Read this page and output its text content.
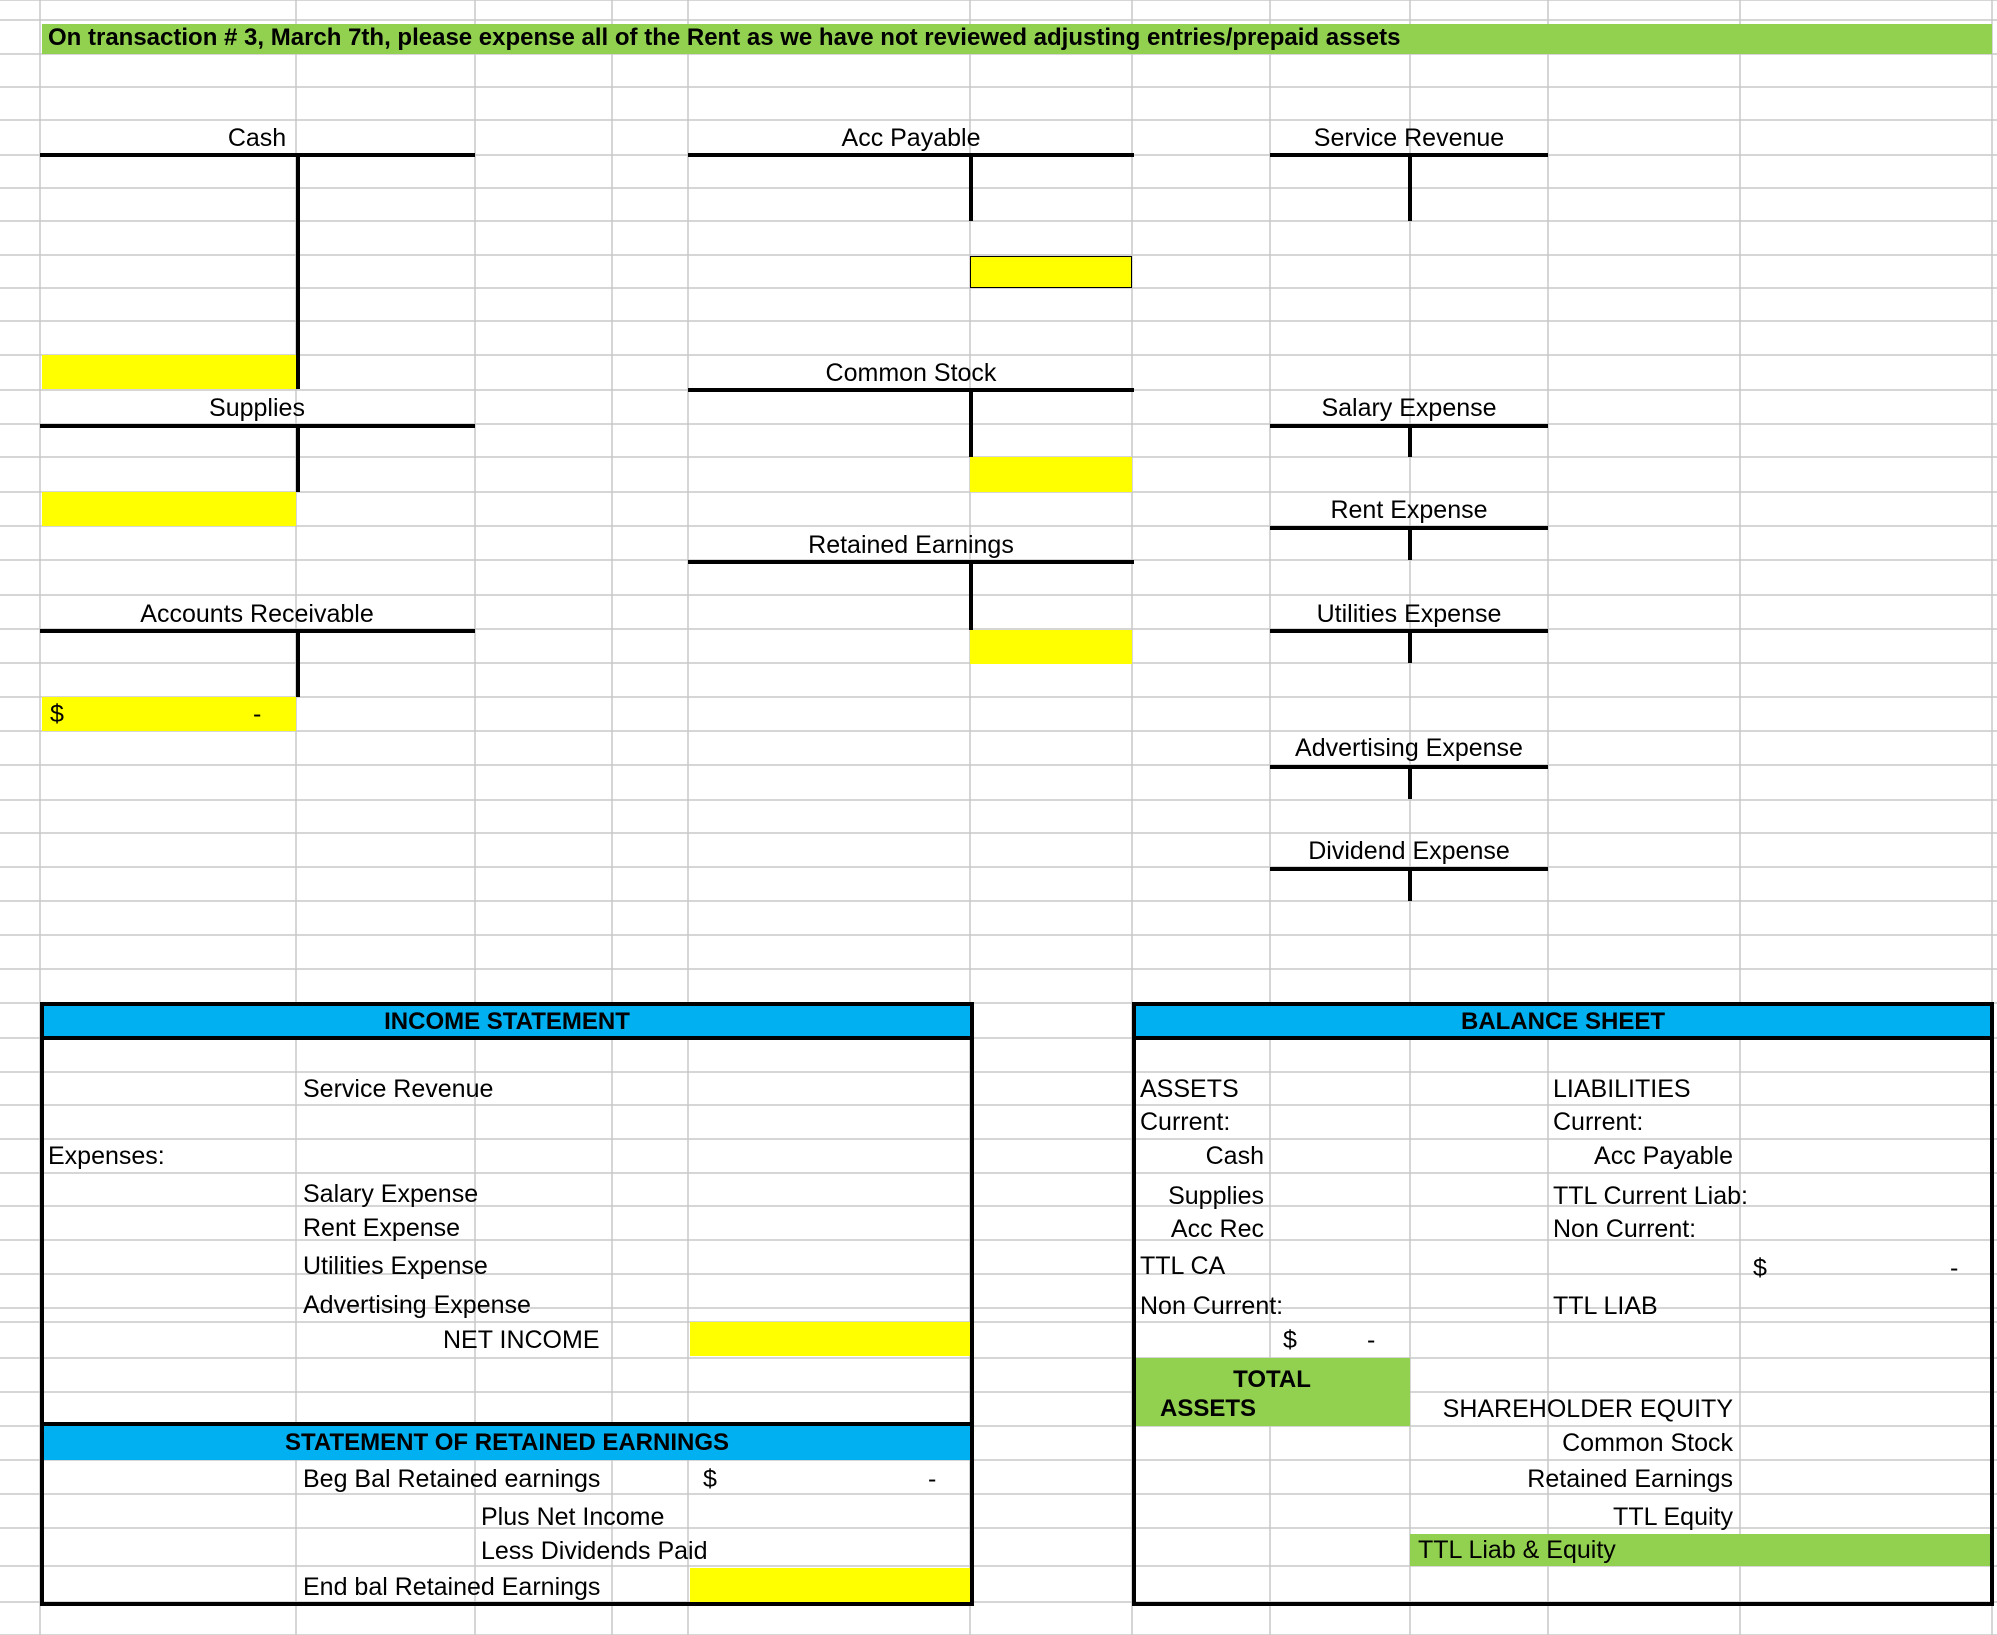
On transaction # 3, March 7th, please expense all of the Rent as we have not reviewed adjusting entries/prepaid assets
Cash
Supplies
Accounts Receivable
$	-
Acc Payable
Common Stock
Retained Earnings
Service Revenue
Salary Expense
Rent Expense
Utilities Expense
Advertising Expense
Dividend Expense
INCOME STATEMENT
Service Revenue
Expenses:
Salary Expense
Rent Expense
Utilities Expense
Advertising Expense
NET INCOME
STATEMENT OF RETAINED EARNINGS
Beg Bal Retained earnings	$	-
Plus Net Income
Less Dividends Paid
End bal Retained Earnings
BALANCE SHEET
ASSETS
Current:
Cash
Supplies
Acc Rec
TTL CA
Non Current:
$	-
TOTAL
ASSETS
LIABILITIES
Current:
Acc Payable
TTL Current Liab:
Non Current:
$	-
TTL LIAB
SHAREHOLDER EQUITY
Common Stock
Retained Earnings
TTL Equity
TTL Liab & Equity
